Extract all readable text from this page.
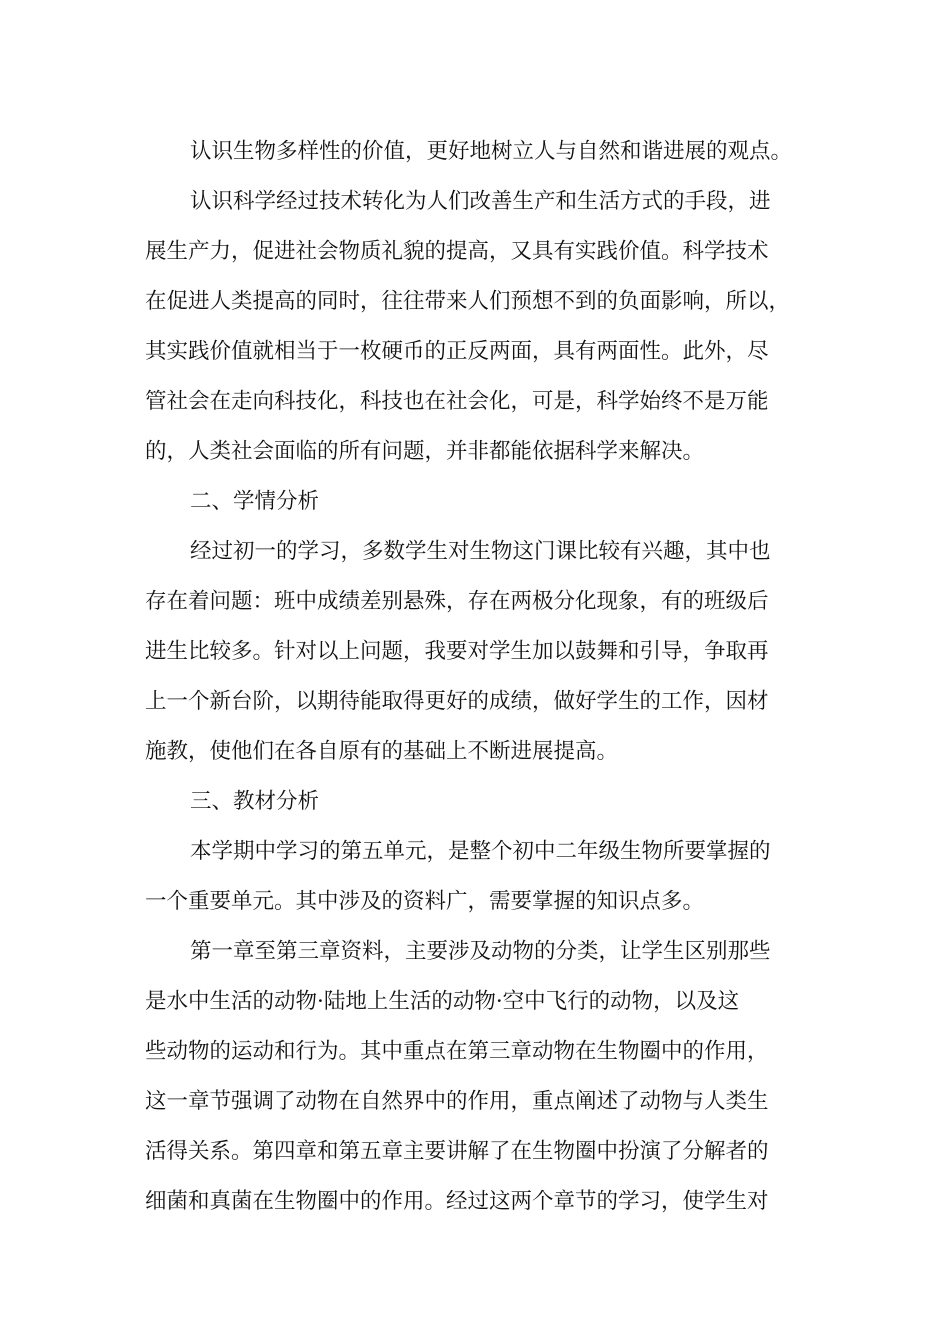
认识生物多样性的价值，更好地树立人与自然和谐进展的观点。
认识科学经过技术转化为人们改善生产和生活方式的手段，进
展生产力，促进社会物质礼貌的提高，又具有实践价值。科学技术
在促进人类提高的同时，往往带来人们预想不到的负面影响，所以，
其实践价值就相当于一枚硬币的正反两面，具有两面性。此外，尽
管社会在走向科技化，科技也在社会化，可是，科学始终不是万能
的，人类社会面临的所有问题，并非都能依据科学来解决。
二、学情分析
经过初一的学习，多数学生对生物这门课比较有兴趣，其中也
存在着问题：班中成绩差别悬殊，存在两极分化现象，有的班级后
进生比较多。针对以上问题，我要对学生加以鼓舞和引导，争取再
上一个新台阶，以期待能取得更好的成绩，做好学生的工作，因材
施教，使他们在各自原有的基础上不断进展提高。
三、教材分析
本学期中学习的第五单元，是整个初中二年级生物所要掌握的
一个重要单元。其中涉及的资料广，需要掌握的知识点多。
第一章至第三章资料，主要涉及动物的分类，让学生区别那些
是水中生活的动物·陆地上生活的动物·空中飞行的动物，以及这
些动物的运动和行为。其中重点在第三章动物在生物圈中的作用，
这一章节强调了动物在自然界中的作用，重点阐述了动物与人类生
活得关系。第四章和第五章主要讲解了在生物圈中扮演了分解者的
细菌和真菌在生物圈中的作用。经过这两个章节的学习，使学生对
